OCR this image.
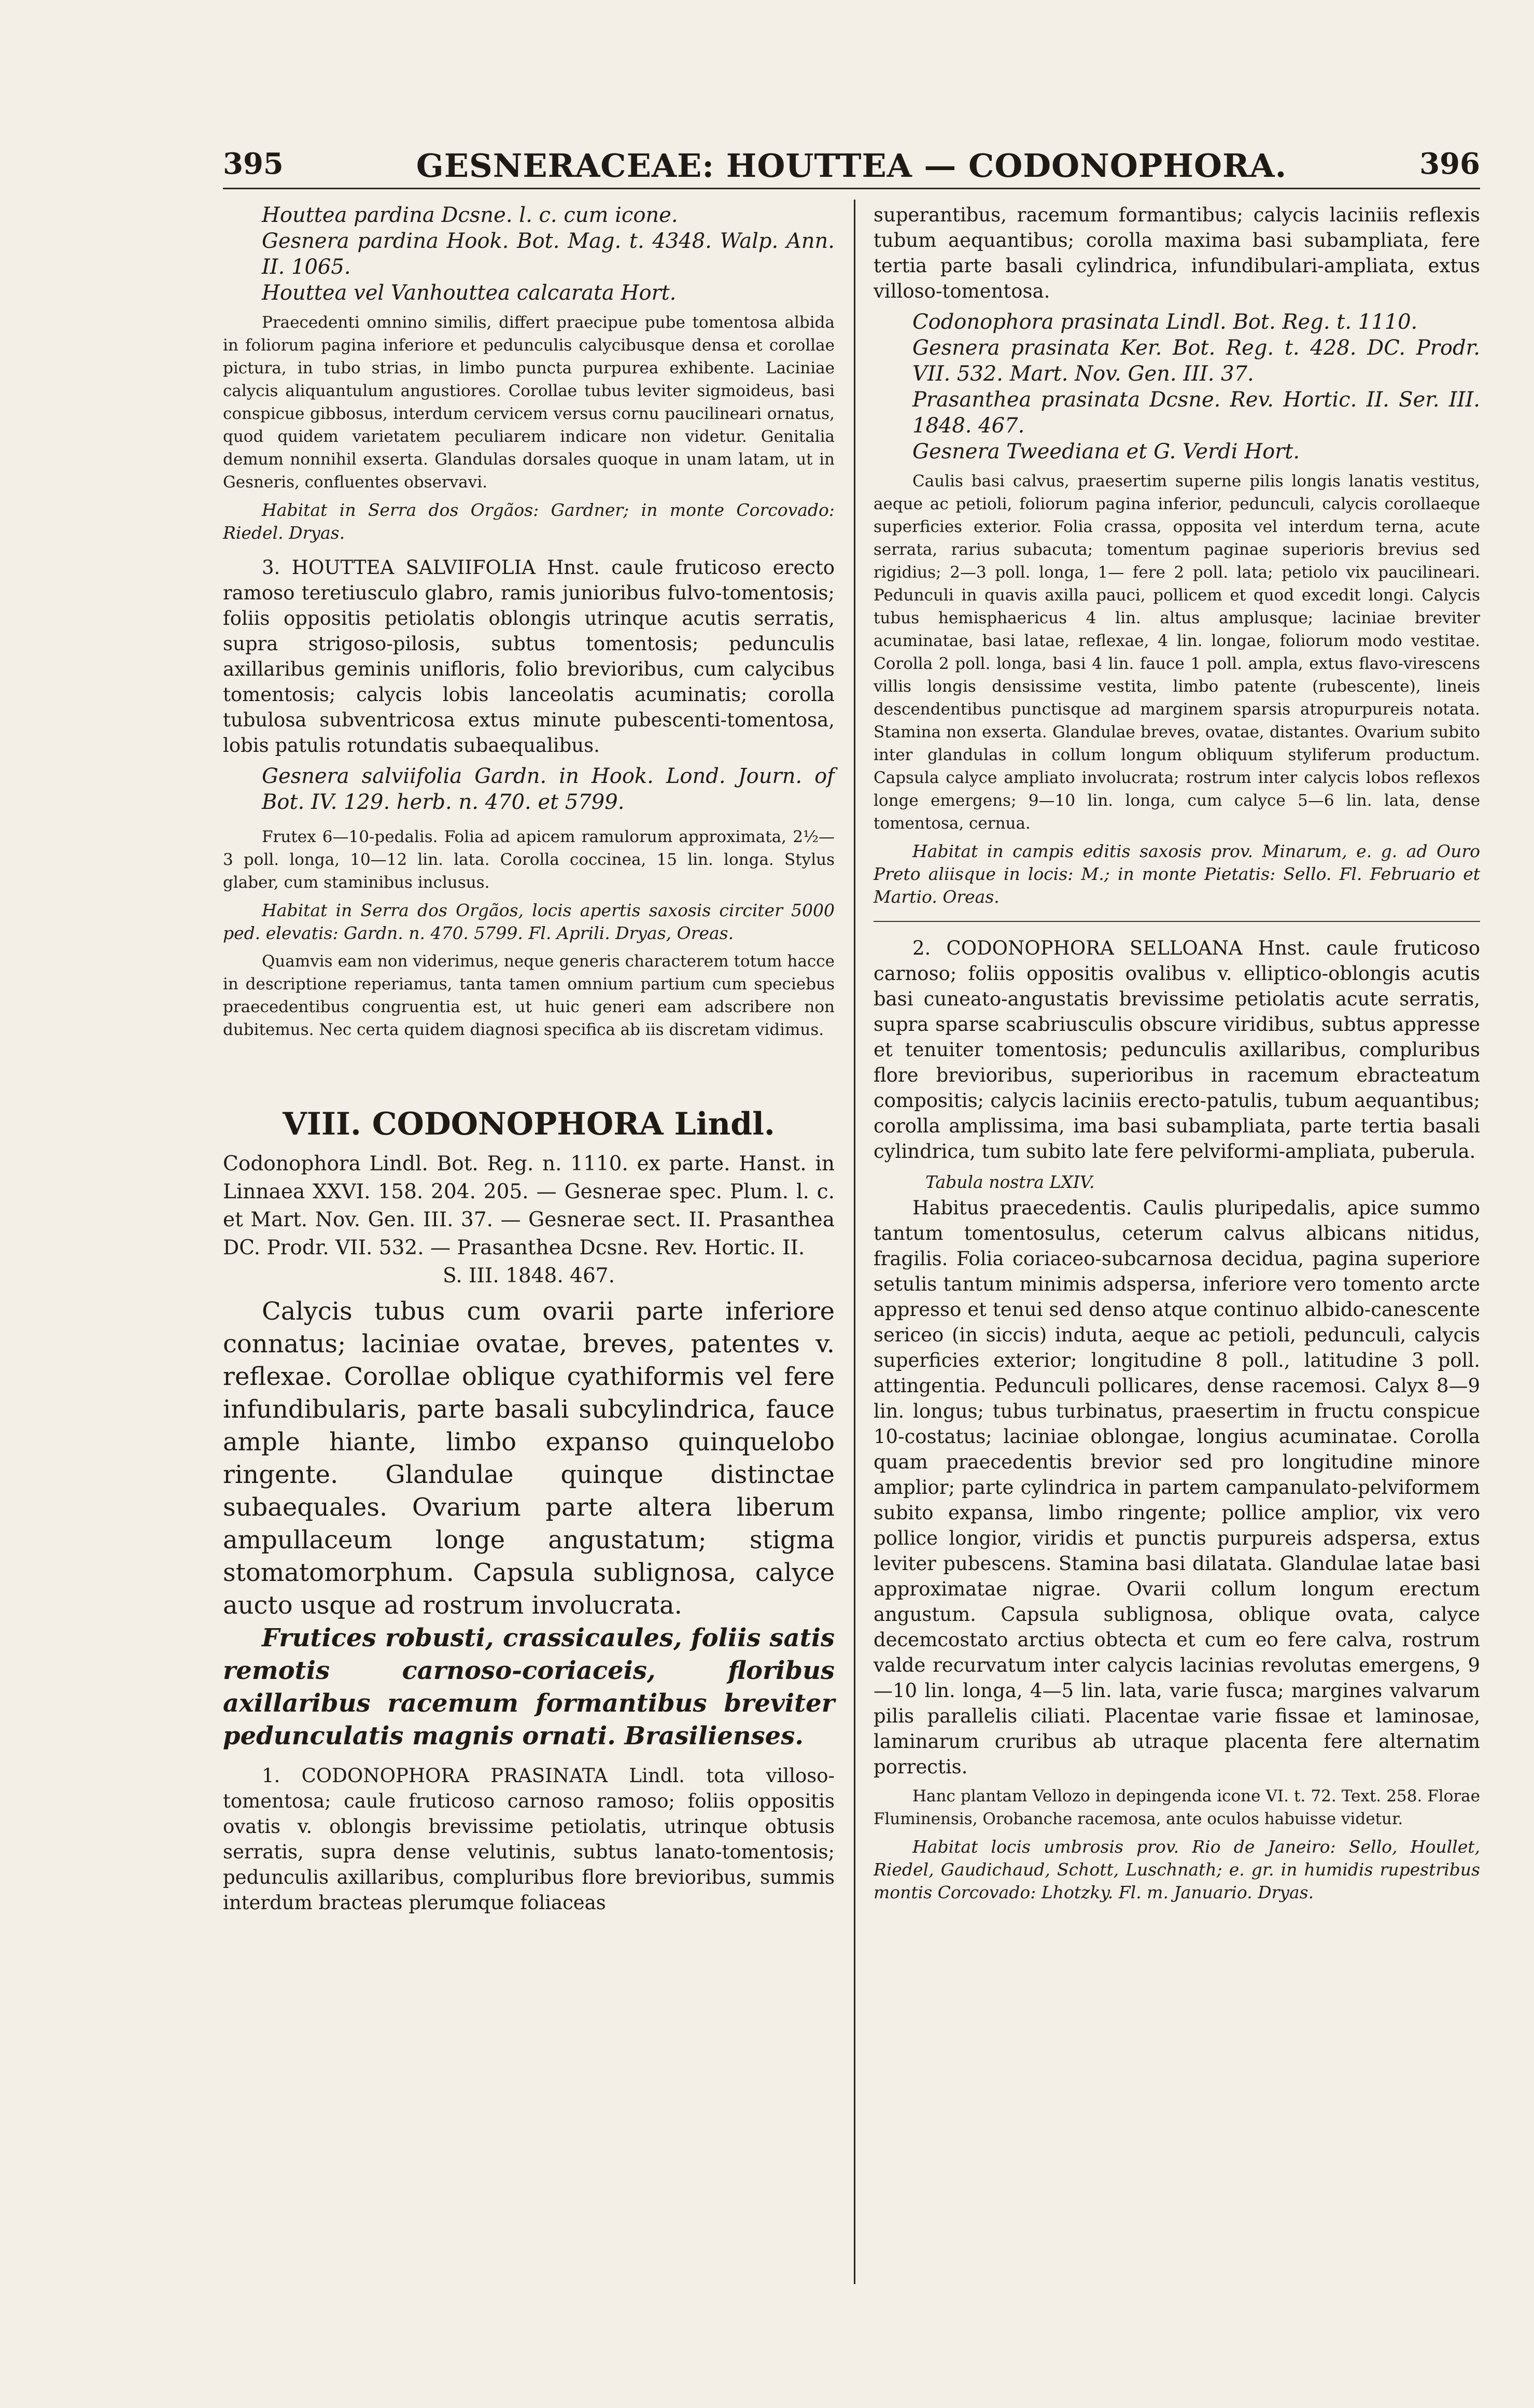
395	GESNERACEAE: HOUTTEA — CODONOPHORA.	396

Houttea pardina Dcsne. l. c. cum icone.

Gesnera pardina Hook. Bot. Mag. t. 4348. Walp. Ann. II. 1065.

Houttea vel Vanhouttea calcarata Hort.

Praecedenti omnino similis, differt praecipue pube tomentosa albida in foliorum pagina inferiore et pedunculis calycibusque densa et corollae pictura, in tubo strias, in limbo puncta purpurea exhibente. Laciniae calycis aliquantulum angustiores. Corollae tubus leviter sigmoideus, basi conspicue gibbosus, interdum cervicem versus cornu paucilineari ornatus, quod quidem varietatem peculiarem indicare non videtur. Genitalia demum nonnihil exserta. Glandulas dorsales quoque in unam latam, ut in Gesneris, confluentes observavi.

Habitat in Serra dos Orgãos: Gardner; in monte Corcovado: Riedel. Dryas.

3. HOUTTEA SALVIIFOLIA Hnst. caule fruticoso erecto ramoso teretiusculo glabro, ramis junioribus fulvo-tomentosis; foliis oppositis petiolatis oblongis utrinque acutis serratis, supra strigoso-pilosis, subtus tomentosis; pedunculis axillaribus geminis unifloris, folio brevioribus, cum calycibus tomentosis; calycis lobis lanceolatis acuminatis; corolla tubulosa subventricosa extus minute pubescenti-tomentosa, lobis patulis rotundatis subaequalibus.

Gesnera salviifolia Gardn. in Hook. Lond. Journ. of Bot. IV. 129. herb. n. 470. et 5799.

Frutex 6—10-pedalis. Folia ad apicem ramulorum approximata, 2½—3 poll. longa, 10—12 lin. lata. Corolla coccinea, 15 lin. longa. Stylus glaber, cum staminibus inclusus.

Habitat in Serra dos Orgãos, locis apertis saxosis circiter 5000 ped. elevatis: Gardn. n. 470. 5799. Fl. Aprili. Dryas, Oreas.

Quamvis eam non viderimus, neque generis characterem totum hacce in descriptione reperiamus, tanta tamen omnium partium cum speciebus praecedentibus congruentia est, ut huic generi eam adscribere non dubitemus. Nec certa quidem diagnosi specifica ab iis discretam vidimus.

VIII. CODONOPHORA Lindl.

Codonophora Lindl. Bot. Reg. n. 1110. ex parte. Hanst. in Linnaea XXVI. 158. 204. 205. — Gesnerae spec. Plum. l. c. et Mart. Nov. Gen. III. 37. — Gesnerae sect. II. Prasanthea DC. Prodr. VII. 532. — Prasanthea Dcsne. Rev. Hortic. II.

S. III. 1848. 467.

Calycis tubus cum ovarii parte inferiore connatus; laciniae ovatae, breves, patentes v. reflexae. Corollae oblique cyathiformis vel fere infundibularis, parte basali subcylindrica, fauce ample hiante, limbo expanso quinquelobo ringente. Glandulae quinque distinctae subaequales. Ovarium parte altera liberum ampullaceum longe angustatum; stigma stomatomorphum. Capsula sublignosa, calyce aucto usque ad rostrum involucrata.

Frutices robusti, crassicaules, foliis satis remotis carnoso-coriaceis, floribus axillaribus racemum formantibus breviter pedunculatis magnis ornati. Brasilienses.

1. CODONOPHORA PRASINATA Lindl. tota villoso-tomentosa; caule fruticoso carnoso ramoso; foliis oppositis ovatis v. oblongis brevissime petiolatis, utrinque obtusis serratis, supra dense velutinis, subtus lanato-tomentosis; pedunculis axillaribus, compluribus flore brevioribus, summis interdum bracteas plerumque foliaceas

superantibus, racemum formantibus; calycis laciniis reflexis tubum aequantibus; corolla maxima basi subampliata, fere tertia parte basali cylindrica, infundibulari-ampliata, extus villoso-tomentosa.

Codonophora prasinata Lindl. Bot. Reg. t. 1110.

Gesnera prasinata Ker. Bot. Reg. t. 428. DC. Prodr. VII. 532. Mart. Nov. Gen. III. 37.

Prasanthea prasinata Dcsne. Rev. Hortic. II. Ser. III. 1848. 467.

Gesnera Tweediana et G. Verdi Hort.

Caulis basi calvus, praesertim superne pilis longis lanatis vestitus, aeque ac petioli, foliorum pagina inferior, pedunculi, calycis corollaeque superficies exterior. Folia crassa, opposita vel interdum terna, acute serrata, rarius subacuta; tomentum paginae superioris brevius sed rigidius; 2—3 poll. longa, 1— fere 2 poll. lata; petiolo vix paucilineari. Pedunculi in quavis axilla pauci, pollicem et quod excedit longi. Calycis tubus hemisphaericus 4 lin. altus amplusque; laciniae breviter acuminatae, basi latae, reflexae, 4 lin. longae, foliorum modo vestitae. Corolla 2 poll. longa, basi 4 lin. fauce 1 poll. ampla, extus flavo-virescens villis longis densissime vestita, limbo patente (rubescente), lineis descendentibus punctisque ad marginem sparsis atropurpureis notata. Stamina non exserta. Glandulae breves, ovatae, distantes. Ovarium subito inter glandulas in collum longum obliquum styliferum productum. Capsula calyce ampliato involucrata; rostrum inter calycis lobos reflexos longe emergens; 9—10 lin. longa, cum calyce 5—6 lin. lata, dense tomentosa, cernua.

Habitat in campis editis saxosis prov. Minarum, e. g. ad Ouro Preto aliisque in locis: M.; in monte Pietatis: Sello. Fl. Februario et Martio. Oreas.

2. CODONOPHORA SELLOANA Hnst. caule fruticoso carnoso; foliis oppositis ovalibus v. elliptico-oblongis acutis basi cuneato-angustatis brevissime petiolatis acute serratis, supra sparse scabriusculis obscure viridibus, subtus appresse et tenuiter tomentosis; pedunculis axillaribus, compluribus flore brevioribus, superioribus in racemum ebracteatum compositis; calycis laciniis erecto-patulis, tubum aequantibus; corolla amplissima, ima basi subampliata, parte tertia basali cylindrica, tum subito late fere pelviformi-ampliata, puberula.

Tabula nostra LXIV.

Habitus praecedentis. Caulis pluripedalis, apice summo tantum tomentosulus, ceterum calvus albicans nitidus, fragilis. Folia coriaceo-subcarnosa decidua, pagina superiore setulis tantum minimis adspersa, inferiore vero tomento arcte appresso et tenui sed denso atque continuo albido-canescente sericeo (in siccis) induta, aeque ac petioli, pedunculi, calycis superficies exterior; longitudine 8 poll., latitudine 3 poll. attingentia. Pedunculi pollicares, dense racemosi. Calyx 8—9 lin. longus; tubus turbinatus, praesertim in fructu conspicue 10-costatus; laciniae oblongae, longius acuminatae. Corolla quam praecedentis brevior sed pro longitudine minore amplior; parte cylindrica in partem campanulato-pelviformem subito expansa, limbo ringente; pollice amplior, vix vero pollice longior, viridis et punctis purpureis adspersa, extus leviter pubescens. Stamina basi dilatata. Glandulae latae basi approximatae nigrae. Ovarii collum longum erectum angustum. Capsula sublignosa, oblique ovata, calyce decemcostato arctius obtecta et cum eo fere calva, rostrum valde recurvatum inter calycis lacinias revolutas emergens, 9—10 lin. longa, 4—5 lin. lata, varie fusca; margines valvarum pilis parallelis ciliati. Placentae varie fissae et laminosae, laminarum cruribus ab utraque placenta fere alternatim porrectis.

Hanc plantam Vellozo in depingenda icone VI. t. 72. Text. 258. Florae Fluminensis, Orobanche racemosa, ante oculos habuisse videtur.

Habitat locis umbrosis prov. Rio de Janeiro: Sello, Houllet, Riedel, Gaudichaud, Schott, Luschnath; e. gr. in humidis rupestribus montis Corcovado: Lhotzky. Fl. m. Januario. Dryas.
